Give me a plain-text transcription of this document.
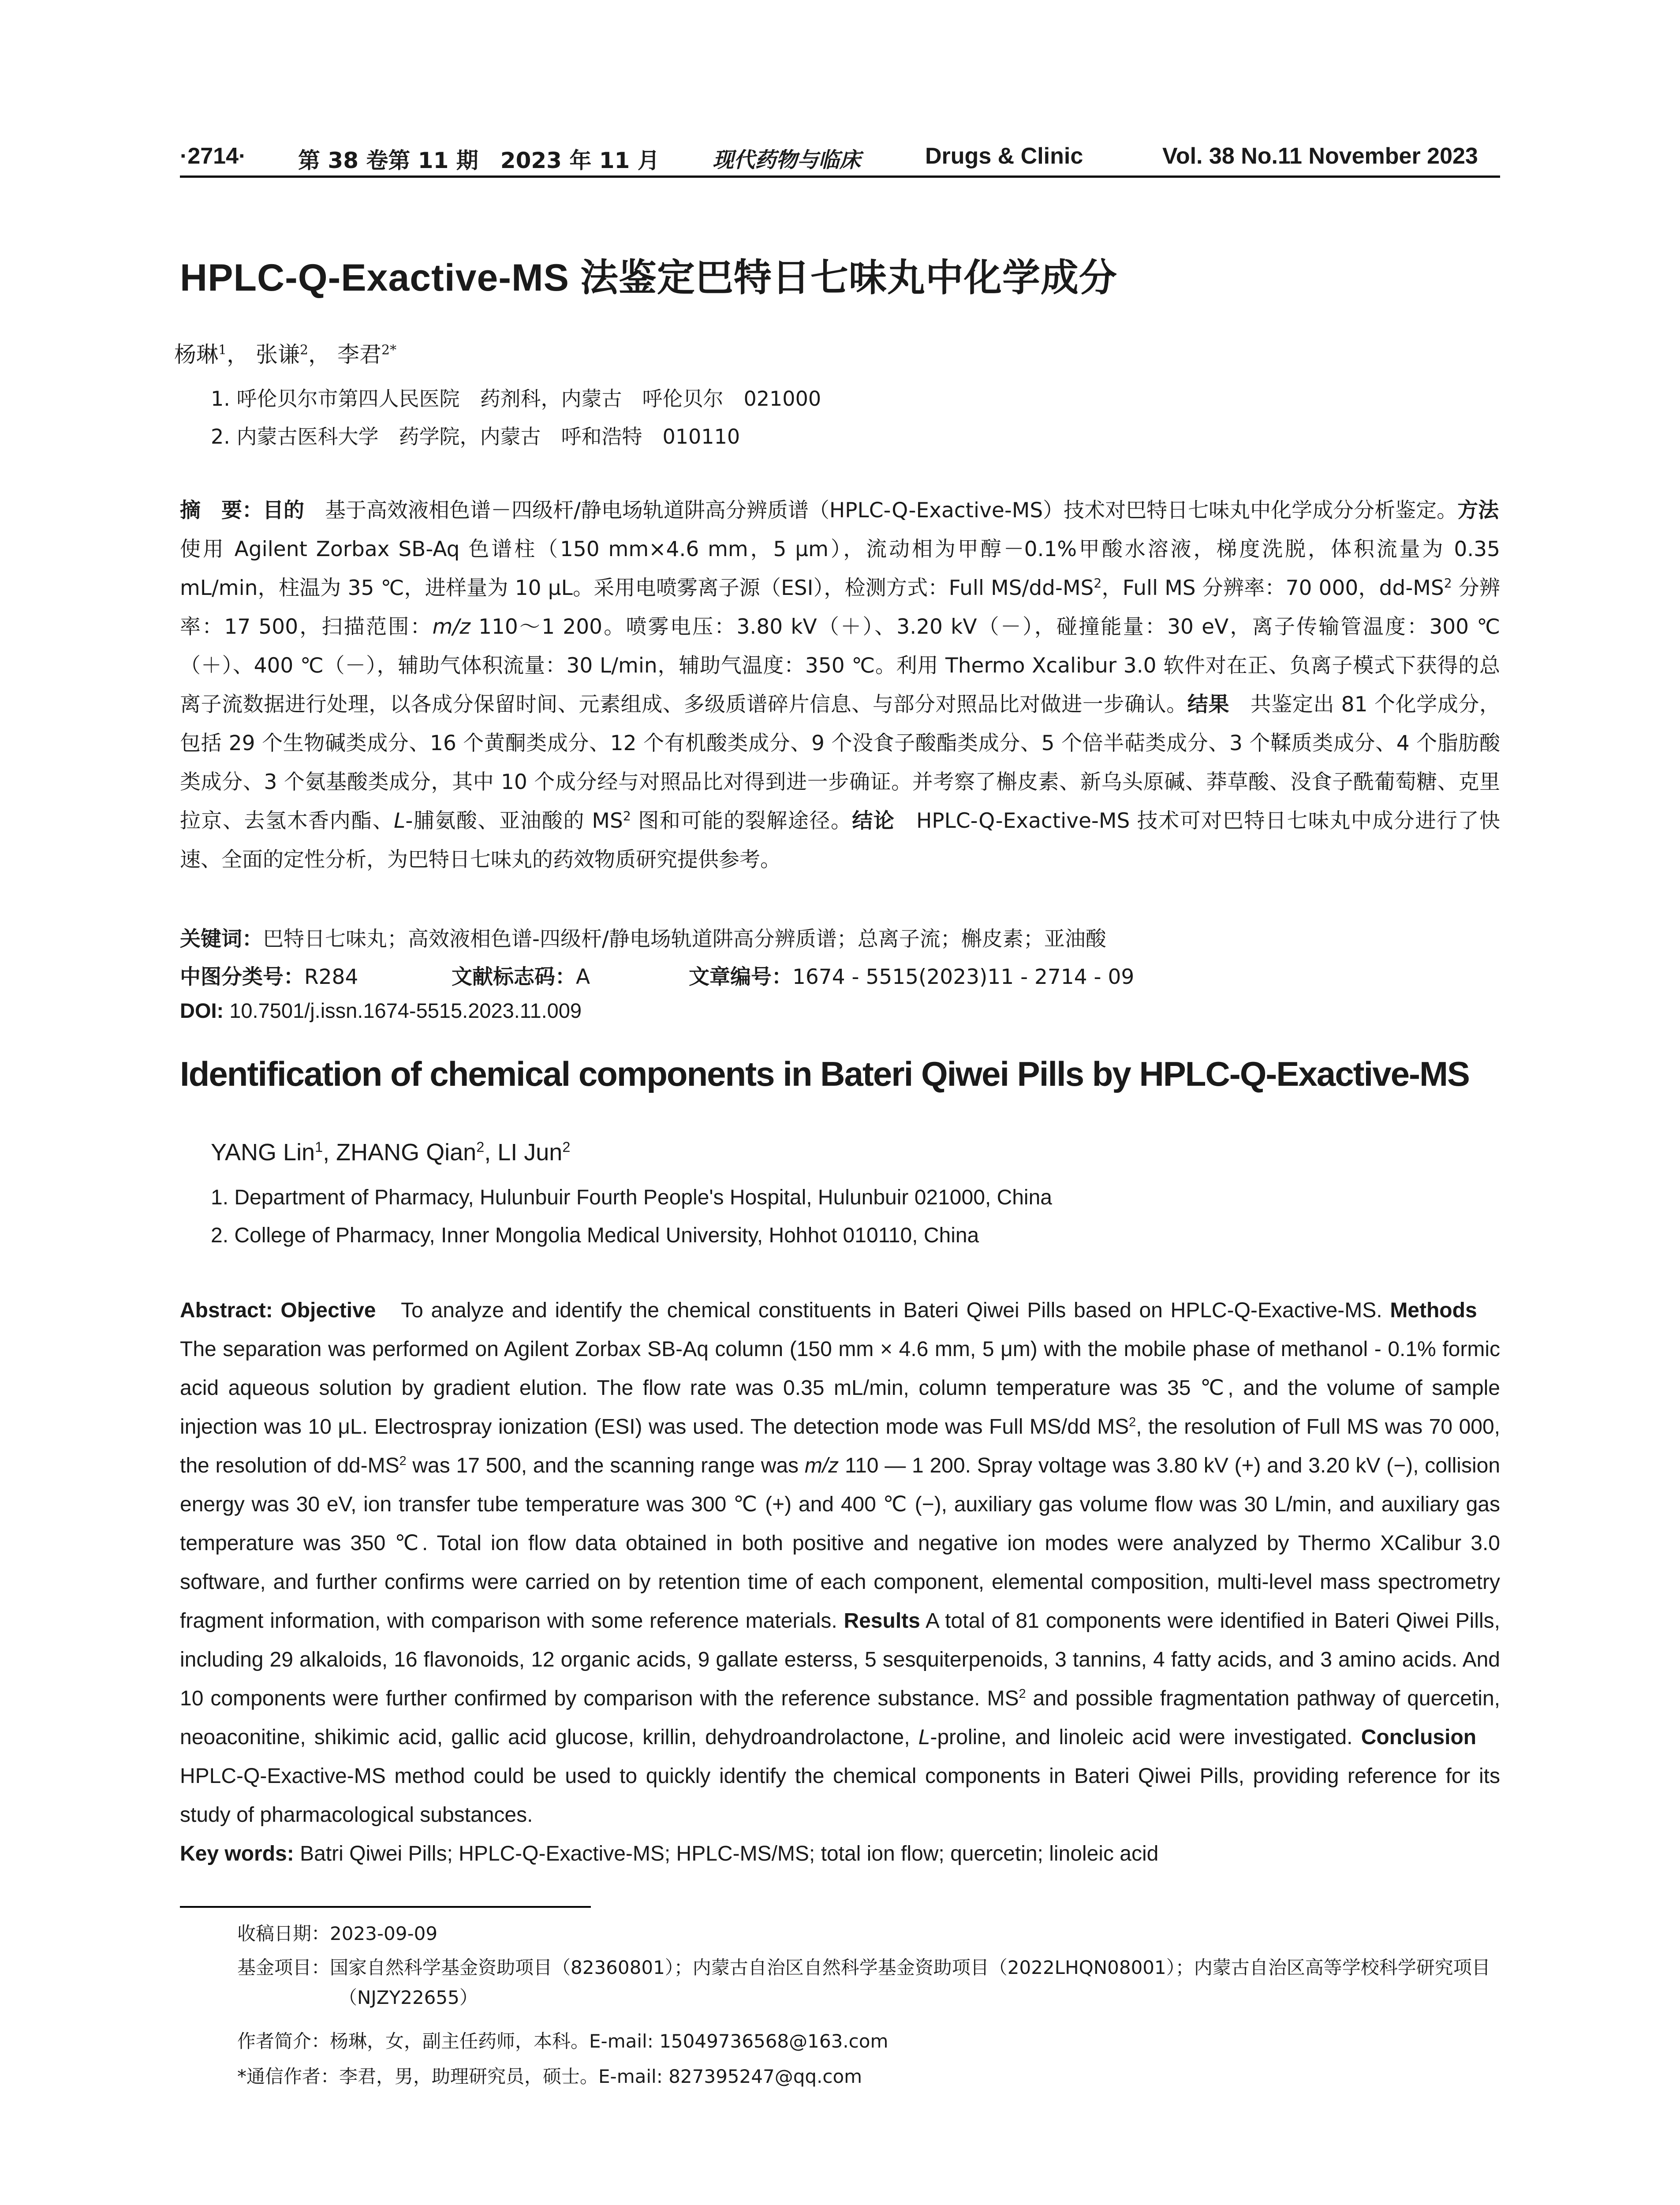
·2714· 第 38 卷第 11 期　2023 年 11 月	现代药物与临床	Drugs & Clinic	Vol. 38 No.11 November 2023
HPLC-Q-Exactive-MS 法鉴定巴特日七味丸中化学成分
杨琳$^1$， 张谦$^2$， 李君$^{2*}$
1. 呼伦贝尔市第四人民医院　药剂科，内蒙古　呼伦贝尔　021000
2. 内蒙古医科大学　药学院，内蒙古　呼和浩特　010110
摘　要：目的　基于高效液相色谱－四级杆/静电场轨道阱高分辨质谱（HPLC-Q-Exactive-MS）技术对巴特日七味丸中化学成分分析鉴定。方法　使用 Agilent Zorbax SB-Aq 色谱柱（150 mm×4.6 mm，5 μm），流动相为甲醇－0.1%甲酸水溶液，梯度洗脱，体积流量为 0.35 mL/min，柱温为 35 ℃，进样量为 10 μL。采用电喷雾离子源（ESI），检测方式：Full $MS/dd-MS^2$，Full MS 分辨率：70 000，$dd-MS^2$ 分辨率：17 500，扫描范围：m/z 110～1 200。喷雾电压：3.80 kV（＋）、3.20 kV（－），碰撞能量：30 eV，离子传输管温度：300 ℃（＋）、400 ℃（－），辅助气体积流量：30 L/min，辅助气温度：350 ℃。利用 Thermo Xcalibur 3.0 软件对在正、负离子模式下获得的总离子流数据进行处理，以各成分保留时间、元素组成、多级质谱碎片信息、与部分对照品比对做进一步确认。结果　共鉴定出 81 个化学成分，包括 29 个生物碱类成分、16 个黄酮类成分、12 个有机酸类成分、9 个没食子酸酯类成分、5 个倍半萜类成分、3 个鞣质类成分、4 个脂肪酸类成分、3 个氨基酸类成分，其中 10 个成分经与对照品比对得到进一步确证。并考察了槲皮素、新乌头原碱、莽草酸、没食子酰葡萄糖、克里拉京、去氢木香内酯、L-脯氨酸、亚油酸的 $MS^2$ 图和可能的裂解途径。结论　HPLC-Q-Exactive-MS 技术可对巴特日七味丸中成分进行了快速、全面的定性分析，为巴特日七味丸的药效物质研究提供参考。
关键词：巴特日七味丸；高效液相色谱-四级杆/静电场轨道阱高分辨质谱；总离子流；槲皮素；亚油酸
中图分类号：R284	文献标志码：A	文章编号：1674 - 5515(2023)11 - 2714 - 09
DOI: 10.7501/j.issn.1674-5515.2023.11.009
Identification of chemical components in Bateri Qiwei Pills by HPLC-Q-Exactive-MS
YANG Lin$^1$, ZHANG Qian$^2$, LI Jun$^2$
1. Department of Pharmacy, Hulunbuir Fourth People's Hospital, Hulunbuir 021000, China
2. College of Pharmacy, Inner Mongolia Medical University, Hohhot 010110, China
Abstract: Objective　To analyze and identify the chemical constituents in Bateri Qiwei Pills based on HPLC-Q-Exactive-MS. Methods　The separation was performed on Agilent Zorbax SB-Aq column (150 mm × 4.6 mm, 5 μm) with the mobile phase of methanol - 0.1% formic acid aqueous solution by gradient elution. The flow rate was 0.35 mL/min, column temperature was 35 ℃, and the volume of sample injection was 10 μL. Electrospray ionization (ESI) was used. The detection mode was Full MS/dd $MS^2$, the resolution of Full MS was 70 000, the resolution of $dd-MS^2$ was 17 500, and the scanning range was m/z 110 — 1 200. Spray voltage was 3.80 kV (+) and 3.20 kV (−), collision energy was 30 eV, ion transfer tube temperature was 300 ℃ (+) and 400 ℃ (−), auxiliary gas volume flow was 30 L/min, and auxiliary gas temperature was 350 ℃. Total ion flow data obtained in both positive and negative ion modes were analyzed by Thermo XCalibur 3.0 software, and further confirms were carried on by retention time of each component, elemental composition, multi-level mass spectrometry fragment information, with comparison with some reference materials. Results A total of 81 components were identified in Bateri Qiwei Pills, including 29 alkaloids, 16 flavonoids, 12 organic acids, 9 gallate esterss, 5 sesquiterpenoids, 3 tannins, 4 fatty acids, and 3 amino acids. And 10 components were further confirmed by comparison with the reference substance. $MS^2$ and possible fragmentation pathway of quercetin, neoaconitine, shikimic acid, gallic acid glucose, krillin, dehydroandrolactone, L-proline, and linoleic acid were investigated. Conclusion　HPLC-Q-Exactive-MS method could be used to quickly identify the chemical components in Bateri Qiwei Pills, providing reference for its study of pharmacological substances.
Key words: Batri Qiwei Pills; HPLC-Q-Exactive-MS; HPLC-MS/MS; total ion flow; quercetin; linoleic acid
收稿日期：2023-09-09
基金项目：国家自然科学基金资助项目（82360801）；内蒙古自治区自然科学基金资助项目（2022LHQN08001）；内蒙古自治区高等学校科学研究项目（NJZY22655）
作者简介：杨琳，女，副主任药师，本科。E-mail: 15049736568@163.com
*通信作者：李君，男，助理研究员，硕士。E-mail: 827395247@qq.com
